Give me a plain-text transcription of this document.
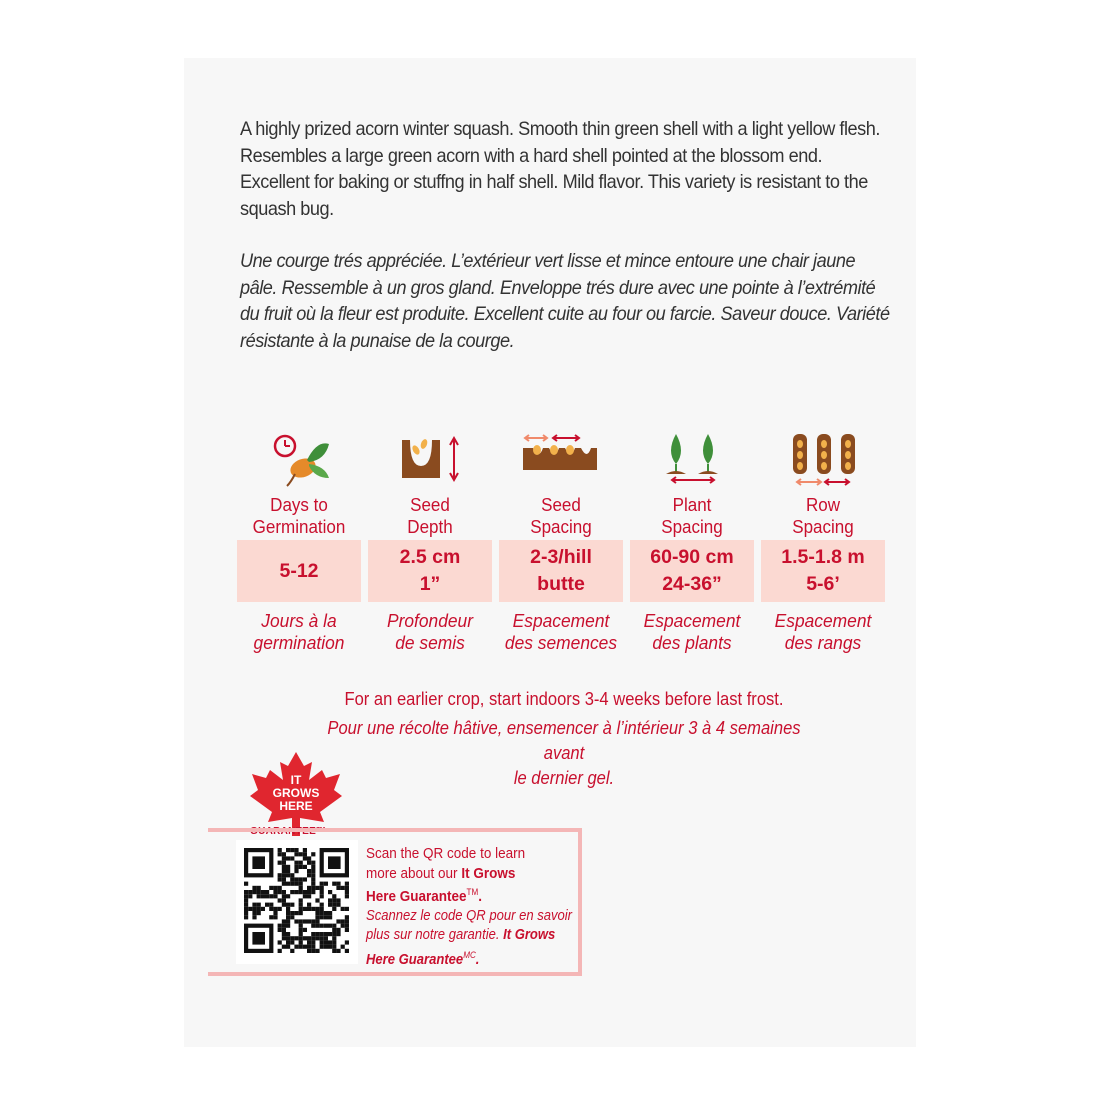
A highly prized acorn winter squash. Smooth thin green shell with a light yellow flesh. Resembles a large green acorn with a hard shell pointed at the blossom end. Excellent for baking or stuffng in half shell. Mild flavor. This variety is resistant to the squash bug.

Une courge trés appréciée. L’extérieur vert lisse et mince entoure une chair jaune pâle. Ressemble à un gros gland. Enveloppe trés dure avec une pointe à l’extrémité du fruit où la fleur est produite. Excellent cuite au four ou farcie. Saveur douce. Variété résistante à la punaise de la courge.

Days to
Germination
5-12
Jours à la
germination
Seed
Depth
2.5 cm
1”
Profondeur
de semis
Seed
Spacing
2-3/hill
butte
Espacement
des semences
Plant
Spacing
60-90 cm
24-36”
Espacement
des plants
Row
Spacing
1.5-1.8 m
5-6’
Espacement
des rangs

For an earlier crop, start indoors 3-4 weeks before last frost.

Pour une récolte hâtive, ensemencer à l’intérieur 3 à 4 semaines avant
le dernier gel.

IT
GROWS
HERE
GUARANTEE™

Scan the QR code to learn

more about our It Grows

Here Guarantee™.

Scannez le code QR pour en savoir

plus sur notre garantie. It Grows

Here Guarantee$^{MC}$.
